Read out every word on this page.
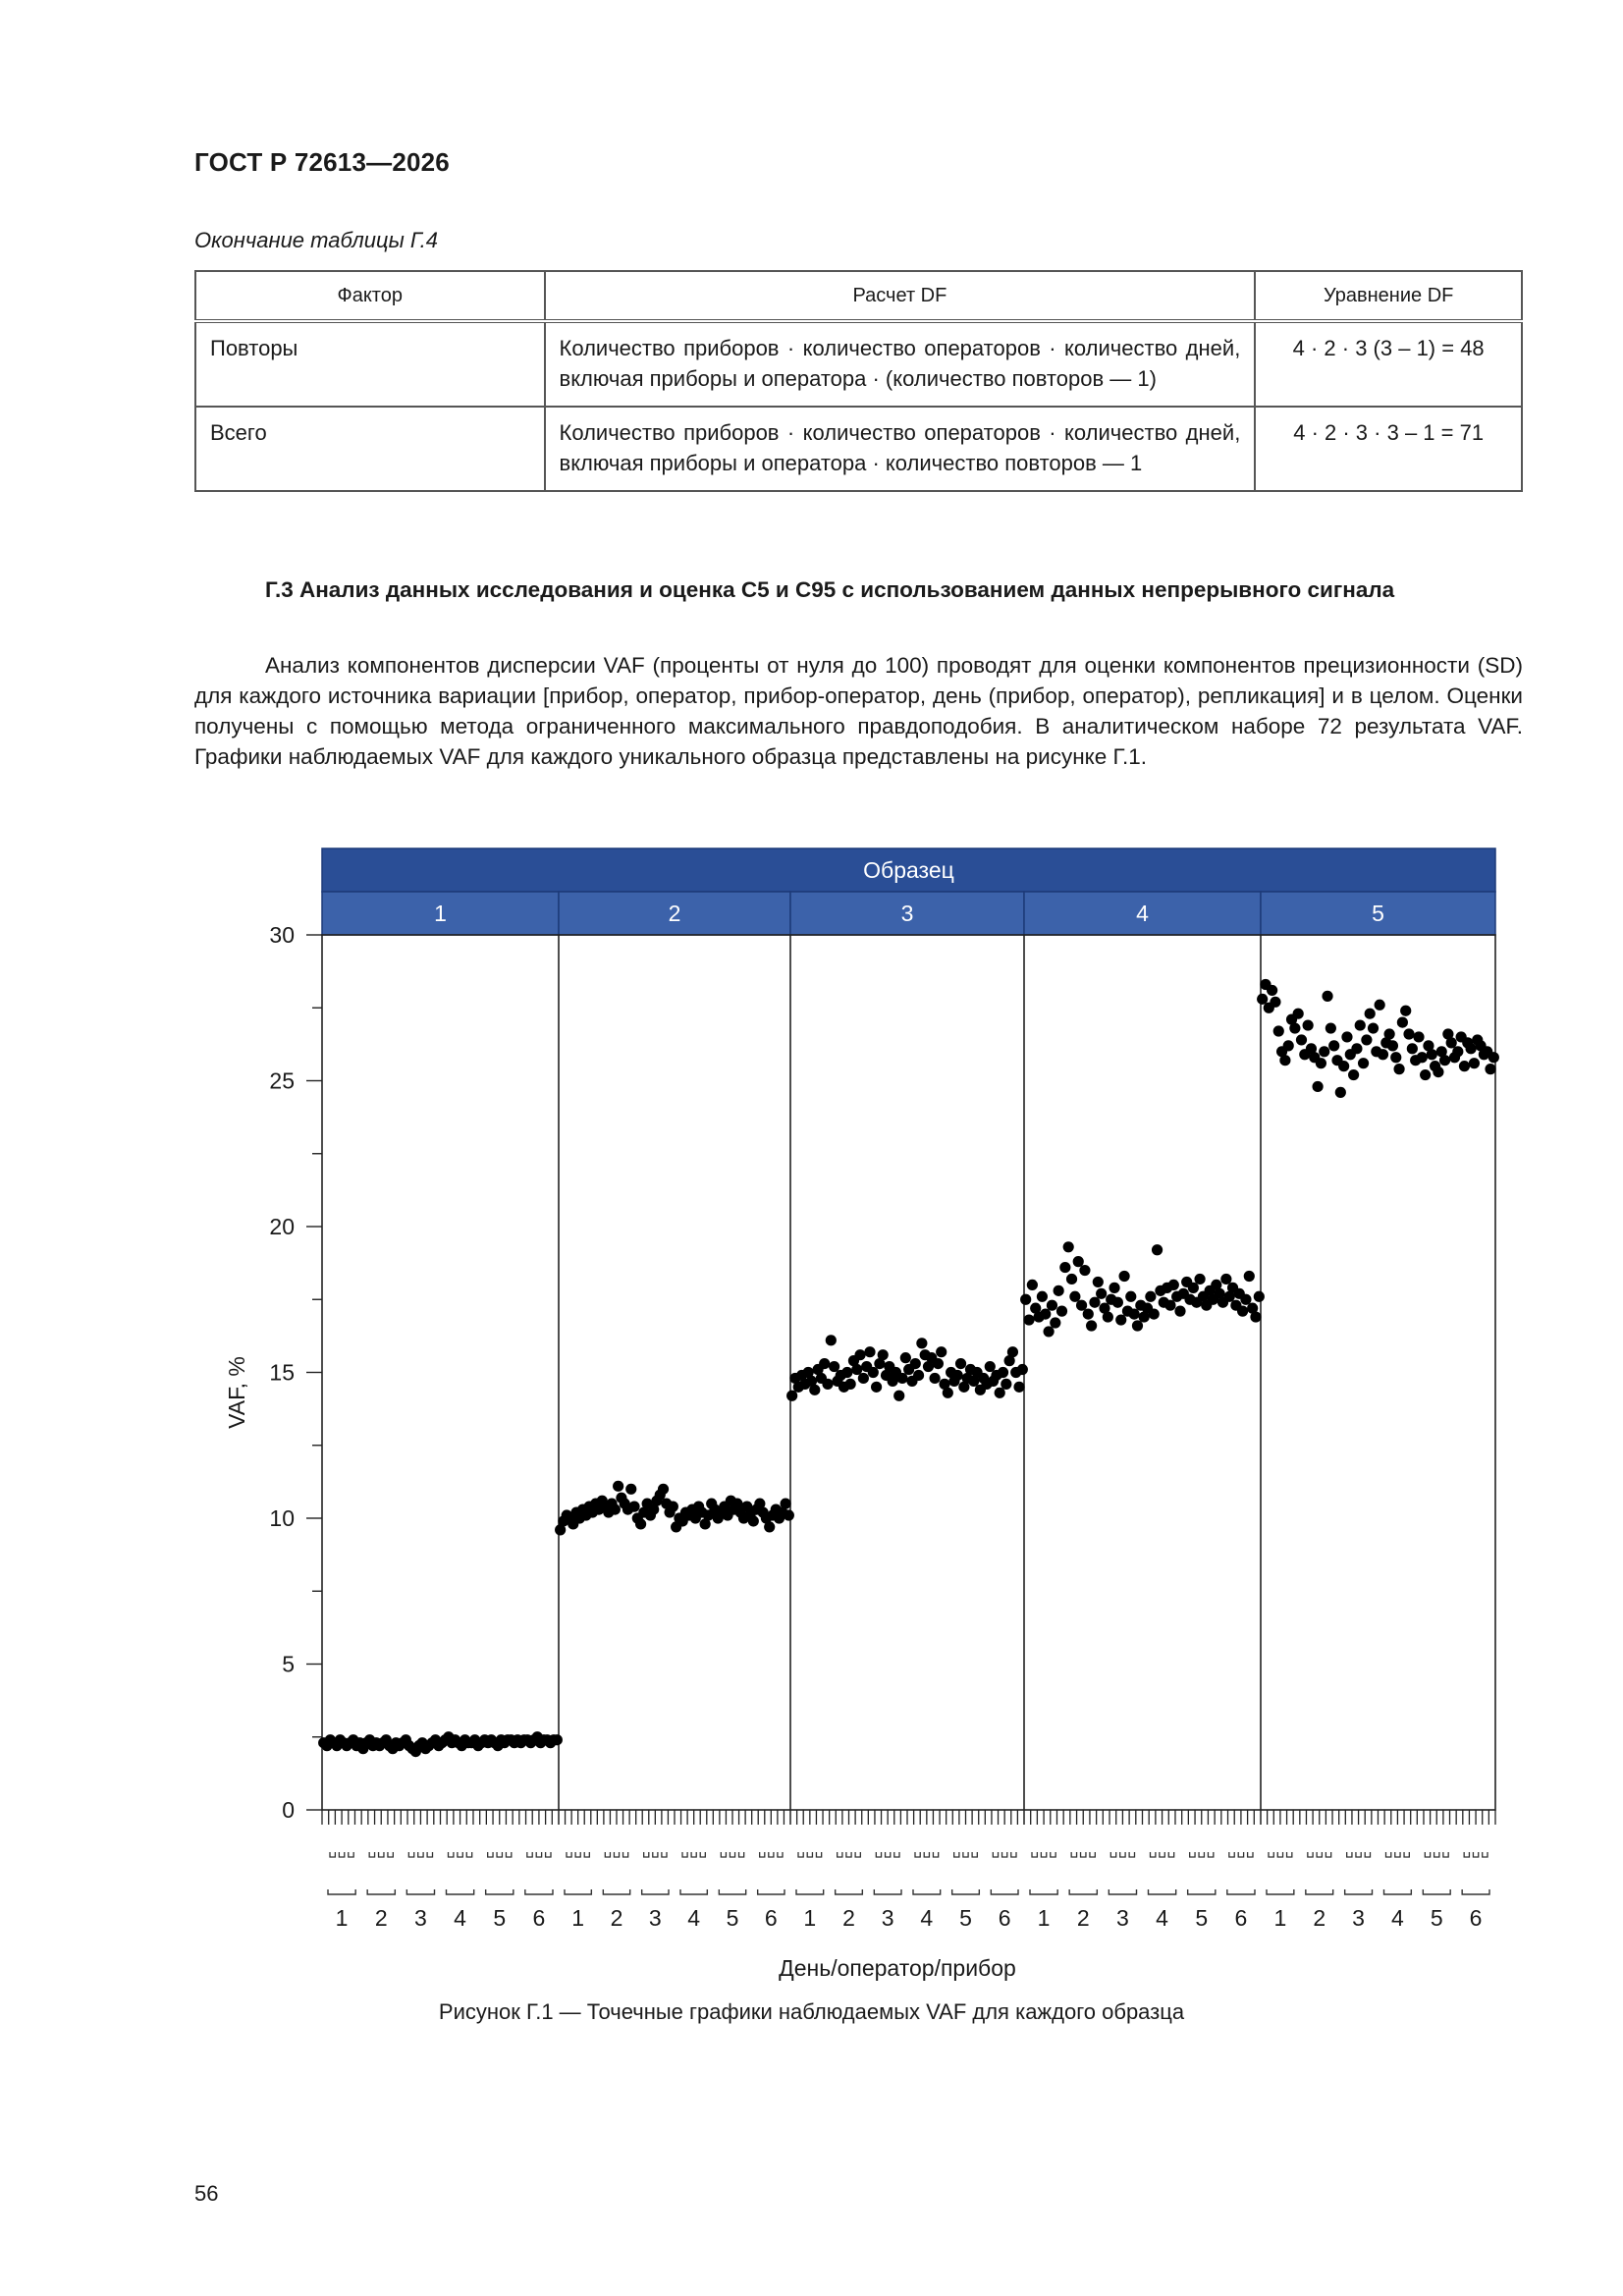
ГОСТ Р 72613—2026
Окончание таблицы Г.4
Фактор	Расчет DF	Уравнение DF
Повторы	Количество приборов · количество операторов · количество дней, включая приборы и оператора · (количество повторов — 1)	4 · 2 · 3 (3 – 1) = 48
Всего	Количество приборов · количество операторов · количество дней, включая приборы и оператора · количество повторов — 1	4 · 2 · 3 · 3 – 1 = 71
Г.3 Анализ данных исследования и оценка С5 и С95 с использованием данных непрерывного сигнала
Анализ компонентов дисперсии VAF (проценты от нуля до 100) проводят для оценки компонентов прецизионности (SD) для каждого источника вариации [прибор, оператор, прибор-оператор, день (прибор, оператор), репликация] и в целом. Оценки получены с помощью метода ограниченного максимального правдоподобия. В аналитическом наборе 72 результата VAF. Графики наблюдаемых VAF для каждого уникального образца представлены на рисунке Г.1.
Образец
1	2	3	4	5
0
5
10
15
20
25
30
1 2 3 4 5 6 1 2 3 4 5 6 1 2 3 4 5 6 1 2 3 4 5 6 1 2 3 4 5 6
VAF, %
День/оператор/прибор
Рисунок Г.1 — Точечные графики наблюдаемых VAF для каждого образца
56
